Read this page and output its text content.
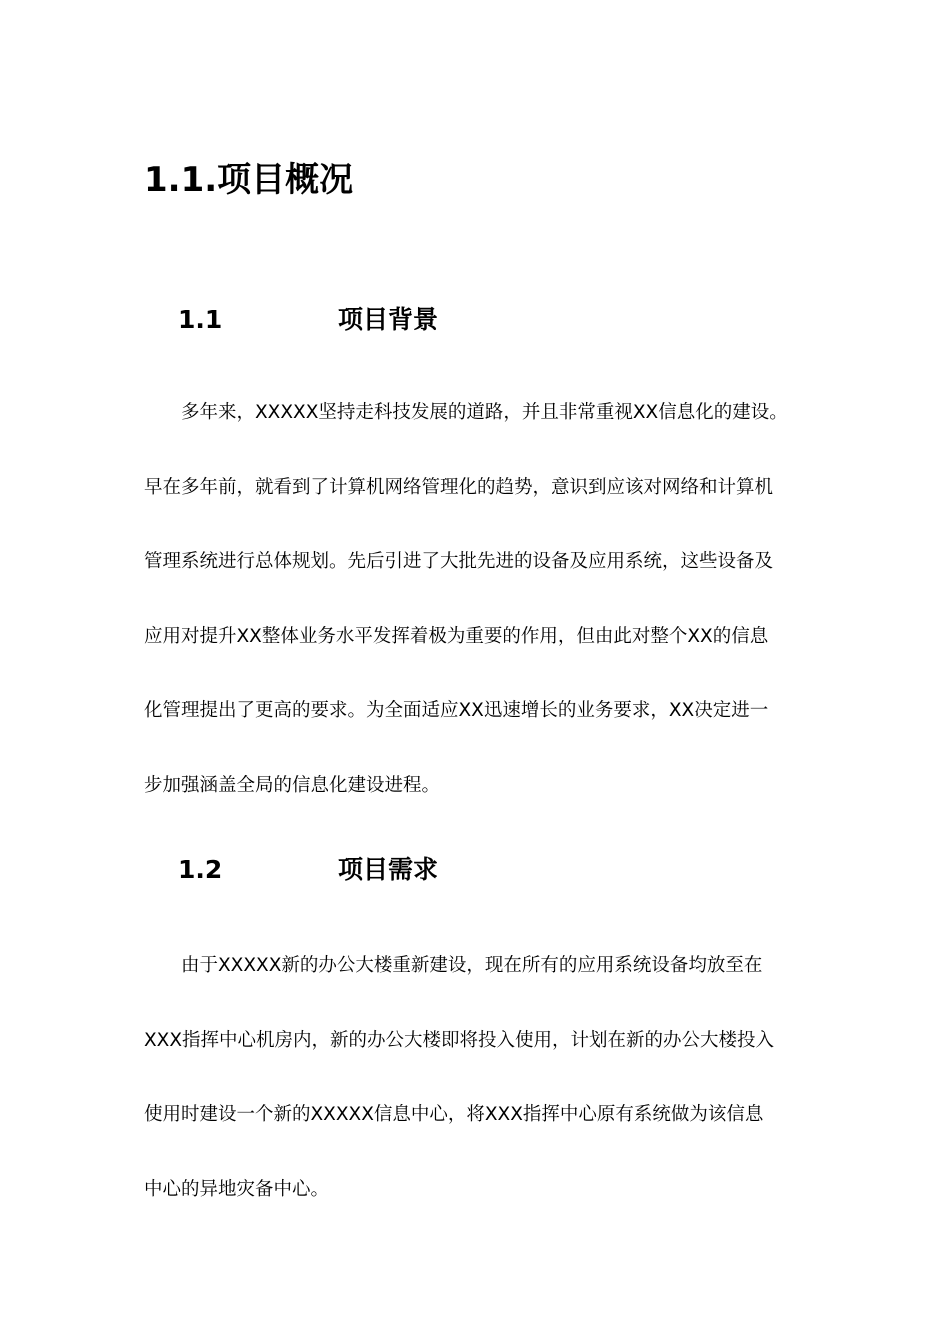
1.1.项目概况
1.1	项目背景
多年来，XXXXX坚持走科技发展的道路，并且非常重视XX信息化的建设。
早在多年前，就看到了计算机网络管理化的趋势，意识到应该对网络和计算机
管理系统进行总体规划。先后引进了大批先进的设备及应用系统，这些设备及
应用对提升XX整体业务水平发挥着极为重要的作用，但由此对整个XX的信息
化管理提出了更高的要求。为全面适应XX迅速增长的业务要求，XX决定进一
步加强涵盖全局的信息化建设进程。
1.2	项目需求
由于XXXXX新的办公大楼重新建设，现在所有的应用系统设备均放至在
XXX指挥中心机房内，新的办公大楼即将投入使用，计划在新的办公大楼投入
使用时建设一个新的XXXXX信息中心，将XXX指挥中心原有系统做为该信息
中心的异地灾备中心。
